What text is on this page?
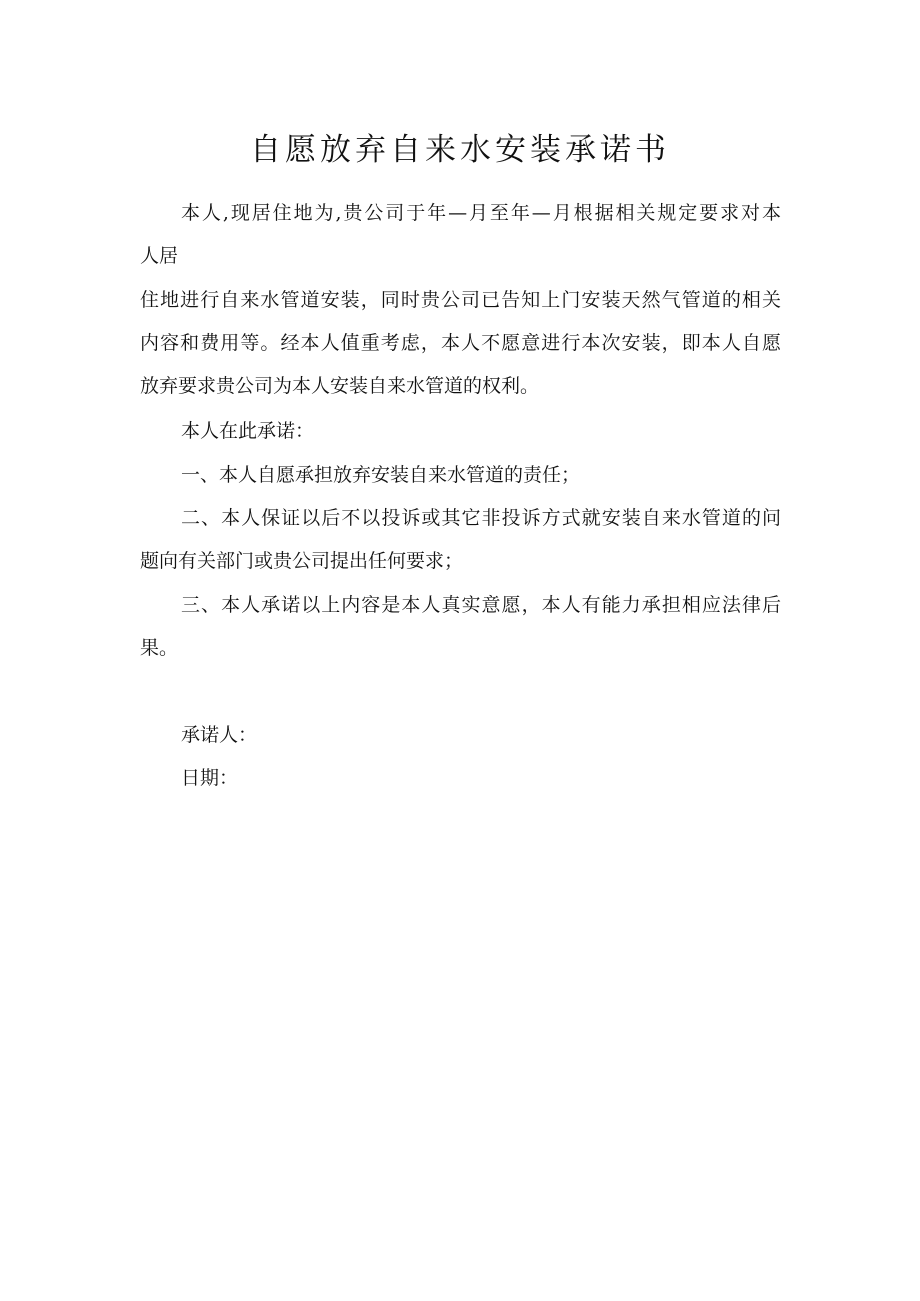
自愿放弃自来水安装承诺书
本人,现居住地为,贵公司于年—月至年—月根据相关规定要求对本
人居
住地进行自来水管道安装，同时贵公司已告知上门安装天然气管道的相关
内容和费用等。经本人值重考虑，本人不愿意进行本次安装，即本人自愿
放弃要求贵公司为本人安装自来水管道的权利。
本人在此承诺：
一、本人自愿承担放弃安装自来水管道的责任；
二、本人保证以后不以投诉或其它非投诉方式就安装自来水管道的问
题向有关部门或贵公司提出任何要求；
三、本人承诺以上内容是本人真实意愿，本人有能力承担相应法律后
果。
承诺人：
日期：
